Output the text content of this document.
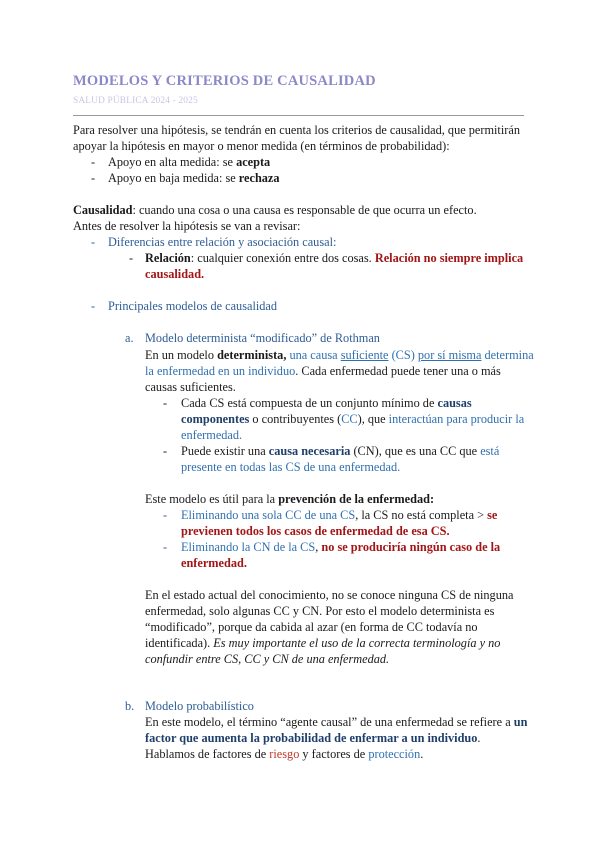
MODELOS Y CRITERIOS DE CAUSALIDAD
SALUD PÚBLICA 2024 - 2025
Para resolver una hipótesis, se tendrán en cuenta los criterios de causalidad, que permitirán
apoyar la hipótesis en mayor o menor medida (en términos de probabilidad):
- Apoyo en alta medida: se acepta
- Apoyo en baja medida: se rechaza
Causalidad: cuando una cosa o una causa es responsable de que ocurra un efecto.
Antes de resolver la hipótesis se van a revisar:
- Diferencias entre relación y asociación causal:
- Relación: cualquier conexión entre dos cosas. Relación no siempre implica
causalidad.
- Principales modelos de causalidad
a. Modelo determinista “modificado” de Rothman
En un modelo determinista, una causa suficiente (CS) por sí misma determina
la enfermedad en un individuo. Cada enfermedad puede tener una o más
causas suficientes.
- Cada CS está compuesta de un conjunto mínimo de causas
componentes o contribuyentes (CC), que interactúan para producir la
enfermedad.
- Puede existir una causa necesaria (CN), que es una CC que está
presente en todas las CS de una enfermedad.
Este modelo es útil para la prevención de la enfermedad:
- Eliminando una sola CC de una CS, la CS no está completa > se
previenen todos los casos de enfermedad de esa CS.
- Eliminando la CN de la CS, no se produciría ningún caso de la
enfermedad.
En el estado actual del conocimiento, no se conoce ninguna CS de ninguna
enfermedad, solo algunas CC y CN. Por esto el modelo determinista es
“modificado”, porque da cabida al azar (en forma de CC todavía no
identificada). Es muy importante el uso de la correcta terminología y no
confundir entre CS, CC y CN de una enfermedad.
b. Modelo probabilístico
En este modelo, el término “agente causal” de una enfermedad se refiere a un
factor que aumenta la probabilidad de enfermar a un individuo.
Hablamos de factores de riesgo y factores de protección.
